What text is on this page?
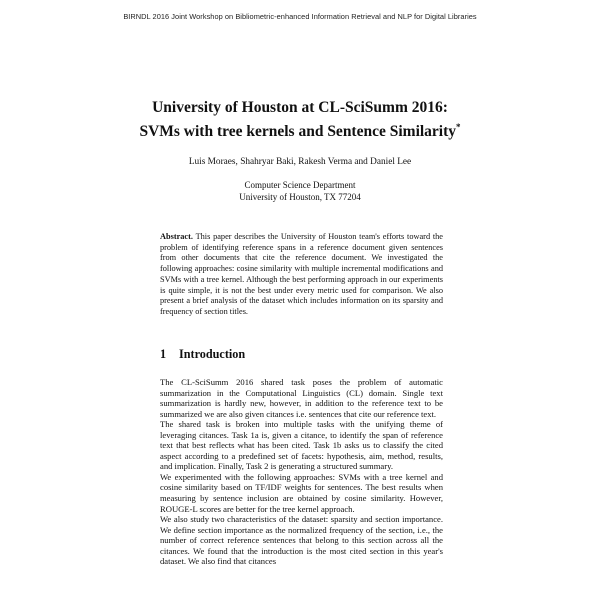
BIRNDL 2016 Joint Workshop on Bibliometric-enhanced Information Retrieval and NLP for Digital Libraries
University of Houston at CL-SciSumm 2016:
SVMs with tree kernels and Sentence Similarity*
Luis Moraes, Shahryar Baki, Rakesh Verma and Daniel Lee
Computer Science Department
University of Houston, TX 77204
Abstract. This paper describes the University of Houston team's efforts toward the problem of identifying reference spans in a reference document given sentences from other documents that cite the reference document. We investigated the following approaches: cosine similarity with multiple incremental modifications and SVMs with a tree kernel. Although the best performing approach in our experiments is quite simple, it is not the best under every metric used for comparison. We also present a brief analysis of the dataset which includes information on its sparsity and frequency of section titles.
1 Introduction

The CL-SciSumm 2016 shared task poses the problem of automatic summarization in the Computational Linguistics (CL) domain. Single text summarization is hardly new, however, in addition to the reference text to be summarized we are also given citances i.e. sentences that cite our reference text.

The shared task is broken into multiple tasks with the unifying theme of leveraging citances. Task 1a is, given a citance, to identify the span of reference text that best reflects what has been cited. Task 1b asks us to classify the cited aspect according to a predefined set of facets: hypothesis, aim, method, results, and implication. Finally, Task 2 is generating a structured summary.

We experimented with the following approaches: SVMs with a tree kernel and cosine similarity based on TF/IDF weights for sentences. The best results when measuring by sentence inclusion are obtained by cosine similarity. However, ROUGE-L scores are better for the tree kernel approach.

We also study two characteristics of the dataset: sparsity and section importance. We define section importance as the normalized frequency of the section, i.e., the number of correct reference sentences that belong to this section across all the citances. We found that the introduction is the most cited section in this year's dataset. We also find that citances
